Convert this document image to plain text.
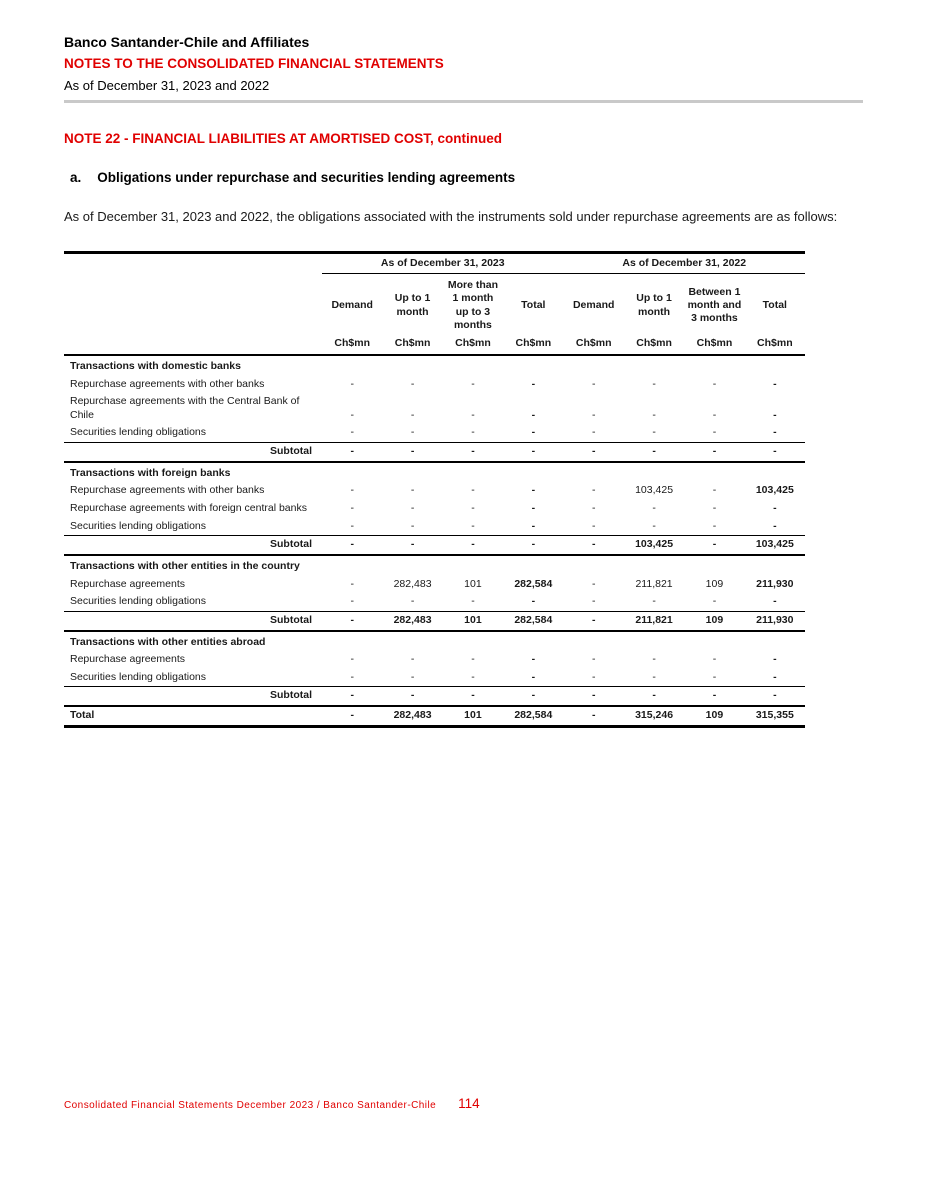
Banco Santander-Chile and Affiliates
NOTES TO THE CONSOLIDATED FINANCIAL STATEMENTS
As of December 31, 2023 and 2022
NOTE 22 - FINANCIAL LIABILITIES AT AMORTISED COST, continued
a. Obligations under repurchase and securities lending agreements

As of December 31, 2023 and 2022, the obligations associated with the instruments sold under repurchase agreements are as follows:

	As of December 31, 2023				As of December 31, 2022			
	Demand	Up to 1 month	More than 1 month up to 3 months	Total	Demand	Up to 1 month	Between 1 month and 3 months	Total
	Ch$mn	Ch$mn	Ch$mn	Ch$mn	Ch$mn	Ch$mn	Ch$mn	Ch$mn
Transactions with domestic banks								
Repurchase agreements with other banks	-	-	-	-	-	-	-	-
Repurchase agreements with the Central Bank of Chile	-	-	-	-	-	-	-	-
Securities lending obligations	-	-	-	-	-	-	-	-
Subtotal	-	-	-	-	-	-	-	-
Transactions with foreign banks								
Repurchase agreements with other banks	-	-	-	-	-	103,425	-	103,425
Repurchase agreements with foreign central banks	-	-	-	-	-	-	-	-
Securities lending obligations	-	-	-	-	-	-	-	-
Subtotal	-	-	-	-	-	103,425	-	103,425
Transactions with other entities in the country								
Repurchase agreements	-	282,483	101	282,584	-	211,821	109	211,930
Securities lending obligations	-	-	-	-	-	-	-	-
Subtotal	-	282,483	101	282,584	-	211,821	109	211,930
Transactions with other entities abroad								
Repurchase agreements	-	-	-	-	-	-	-	-
Securities lending obligations	-	-	-	-	-	-	-	-
Subtotal	-	-	-	-	-	-	-	-
Total	-	282,483	101	282,584	-	315,246	109	315,355
Consolidated Financial Statements December 2023 / Banco Santander-Chile 114
